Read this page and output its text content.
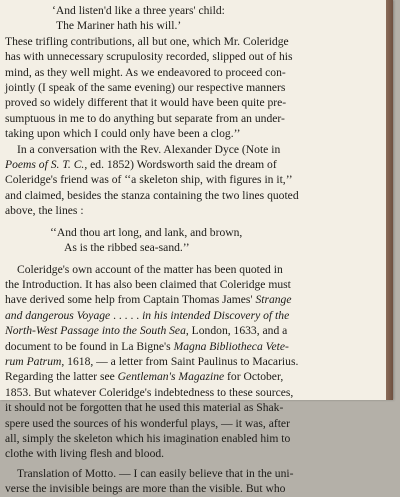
‘And listen'd like a three years' child:
The Mariner hath his will.’

These trifling contributions, all but one, which Mr. Coleridge
has with unnecessary scrupulosity recorded, slipped out of his
mind, as they well might. As we endeavored to proceed con-
jointly (I speak of the same evening) our respective manners
proved so widely different that it would have been quite pre-
sumptuous in me to do anything but separate from an under-
taking upon which I could only have been a clog.’’

In a conversation with the Rev. Alexander Dyce (Note in
Poems of S. T. C., ed. 1852) Wordsworth said the dream of
Coleridge's friend was of ‘‘a skeleton ship, with figures in it,’’
and claimed, besides the stanza containing the two lines quoted
above, the lines :

‘‘And thou art long, and lank, and brown,
As is the ribbed sea-sand.’’

Coleridge's own account of the matter has been quoted in
the Introduction. It has also been claimed that Coleridge must
have derived some help from Captain Thomas James' Strange
and dangerous Voyage . . . . . in his intended Discovery of the
North-West Passage into the South Sea, London, 1633, and a
document to be found in La Bigne's Magna Bibliotheca Vete-
rum Patrum, 1618, — a letter from Saint Paulinus to Macarius.
Regarding the latter see Gentleman's Magazine for October,
1853. But whatever Coleridge's indebtedness to these sources,
it should not be forgotten that he used this material as Shak-
spere used the sources of his wonderful plays, — it was, after
all, simply the skeleton which his imagination enabled him to
clothe with living flesh and blood.

Translation of Motto. — I can easily believe that in the uni-
verse the invisible beings are more than the visible. But who
